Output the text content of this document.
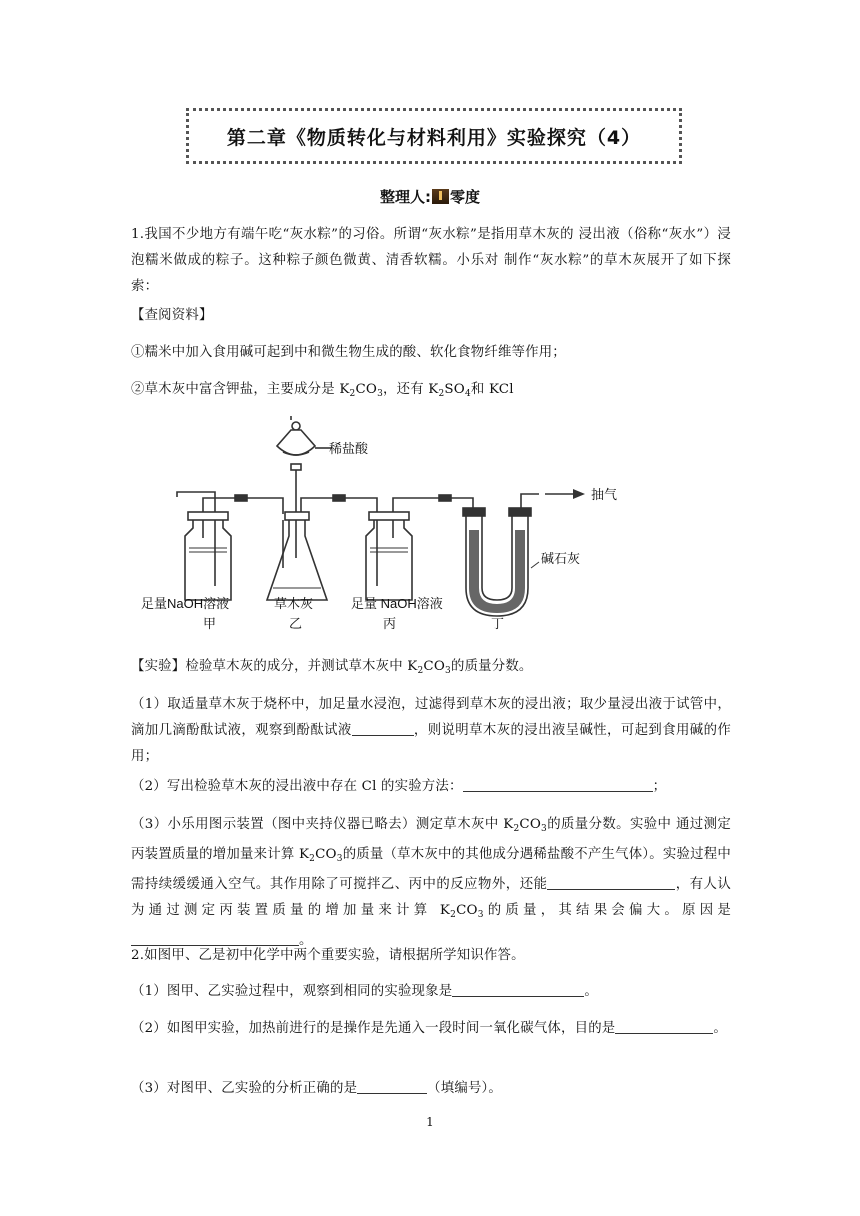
第二章《物质转化与材料利用》实验探究（4）
整理人: 零度
1.我国不少地方有端午吃“灰水粽”的习俗。所谓“灰水粽”是指用草木灰的 浸出液（俗称“灰水”）浸泡糯米做成的粽子。这种粽子颜色微黄、清香软糯。小乐对 制作“灰水粽”的草木灰展开了如下探索：
【查阅资料】
①糯米中加入食用碱可起到中和微生物生成的酸、软化食物纤维等作用；
②草木灰中富含钾盐，主要成分是 $K_2CO_3$，还有 $K_2SO_4$和 KCl
稀盐酸
抽气
碱石灰
足量NaOH溶液
甲
草木灰
乙
足量 NaOH溶液
丙	丁
【实验】检验草木灰的成分，并测试草木灰中 $K_2CO_3$的质量分数。
（1）取适量草木灰于烧杯中，加足量水浸泡，过滤得到草木灰的浸出液；取少量浸出液于试管中，滴加几滴酚酞试液，观察到酚酞试液	，则说明草木灰的浸出液呈碱性，可起到食用碱的作用；
（2）写出检验草木灰的浸出液中存在 Cl 的实验方法：	；
（3）小乐用图示装置（图中夹持仪器已略去）测定草木灰中 $K_2CO_3$的质量分数。实验中 通过测定丙装置质量的增加量来计算 $K_2CO_3$的质量（草木灰中的其他成分遇稀盐酸不产生气体）。实验过程中需持续缓缓通入空气。其作用除了可搅拌乙、丙中的反应物外，还能	，有人认为通过测定丙装置质量的增加量来计算 $K_2CO_3$的质量，其结果会偏大。原因是。
2.如图甲、乙是初中化学中两个重要实验，请根据所学知识作答。
（1）图甲、乙实验过程中，观察到相同的实验现象是	。
（2）如图甲实验，加热前进行的是操作是先通入一段时间一氧化碳气体，目的是	。
（3）对图甲、乙实验的分析正确的是	（填编号）。
1
